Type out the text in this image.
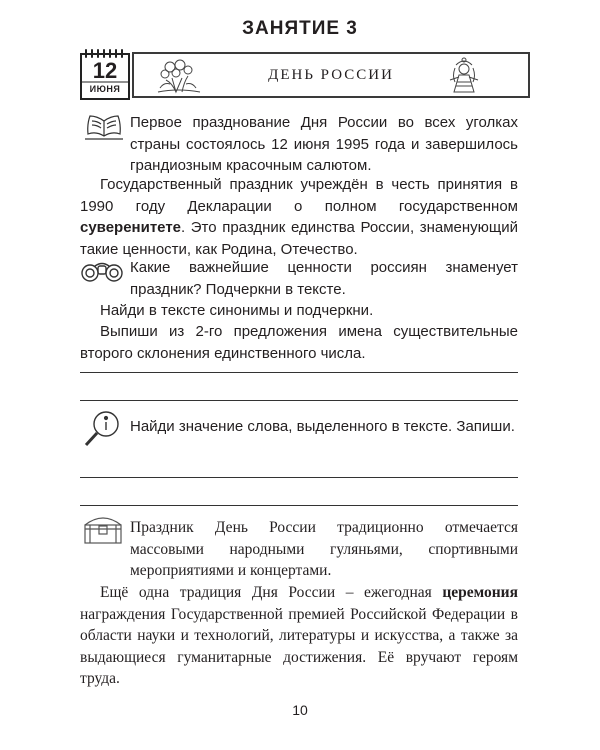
ЗАНЯТИЕ 3
12
ИЮНЯ
ДЕНЬ РОССИИ

Первое празднование Дня России во всех уголках страны состоялось 12 июня 1995 года и завершилось грандиозным красочным салютом.

Государственный праздник учреждён в честь принятия в 1990 году Декларации о полном государственном суверенитете. Это праздник единства России, знаменующий такие ценности, как Родина, Отечество.

Какие важнейшие ценности россиян знаменует праздник? Подчеркни в тексте.

Найди в тексте синонимы и подчеркни.

Выпиши из 2-го предложения имена существительные второго склонения единственного числа.

Найди значение слова, выделенного в тексте. Запиши.

Праздник День России традиционно отмечается массовыми народными гуляньями, спортивными мероприятиями и концертами.

Ещё одна традиция Дня России – ежегодная церемония награждения Государственной премией Российской Федерации в области науки и технологий, литературы и искусства, а также за выдающиеся гуманитарные достижения. Её вручают героям труда.

10
